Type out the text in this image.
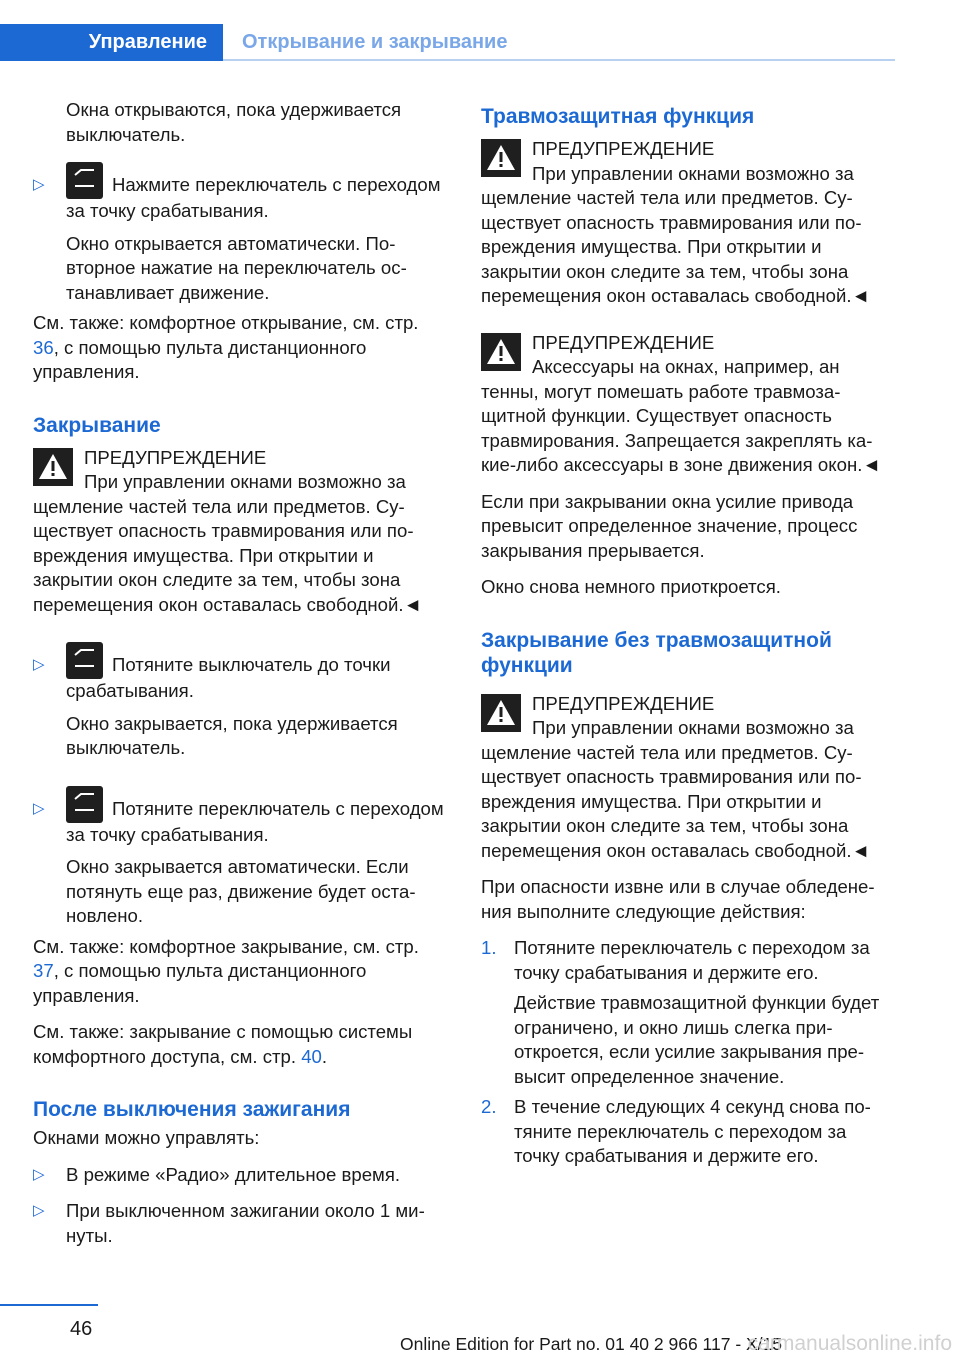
Управление	Открывание и закрывание

Окна открываются, пока удерживается выключатель.

▷	Нажмите переключатель с переходом за точку срабатывания.

Окно открывается автоматически. Повторное нажатие на переключатель останавливает движение.

См. также: комфортное открывание, см. стр. 36, с помощью пульта дистанционного управления.

Закрывание

ПРЕДУПРЕЖДЕНИЕ

При управлении окнами возможно за

щемление частей тела или предметов. Существует опасность травмирования или повреждения имущества. При открытии и закрытии окон следите за тем, чтобы зона перемещения окон оставалась свободной.◄

▷	Потяните выключатель до точки срабатывания.

Окно закрывается, пока удерживается выключатель.

▷	Потяните переключатель с переходом за точку срабатывания.

Окно закрывается автоматически. Если потянуть еще раз, движение будет остановлено.

См. также: комфортное закрывание, см. стр. 37, с помощью пульта дистанционного управления.

См. также: закрывание с помощью системы комфортного доступа, см. стр. 40.

После выключения зажигания

Окнами можно управлять:

▷ В режиме «Радио» длительное время.
▷ При выключенном зажигании около 1 минуты.
Травмозащитная функция

ПРЕДУПРЕЖДЕНИЕ

При управлении окнами возможно за

щемление частей тела или предметов. Существует опасность травмирования или повреждения имущества. При открытии и закрытии окон следите за тем, чтобы зона перемещения окон оставалась свободной.◄

ПРЕДУПРЕЖДЕНИЕ

Аксессуары на окнах, например, ан

тенны, могут помешать работе травмозащитной функции. Существует опасность травмирования. Запрещается закреплять какие-либо аксессуары в зоне движения окон.◄

Если при закрывании окна усилие привода превысит определенное значение, процесс закрывания прерывается.

Окно снова немного приоткроется.

Закрывание без травмозащитной функции

ПРЕДУПРЕЖДЕНИЕ

При управлении окнами возможно за

щемление частей тела или предметов. Существует опасность травмирования или повреждения имущества. При открытии и закрытии окон следите за тем, чтобы зона перемещения окон оставалась свободной.◄

При опасности извне или в случае обледенения выполните следующие действия:

1. Потяните переключатель с переходом за точку срабатывания и держите его.

Действие травмозащитной функции будет ограничено, и окно лишь слегка приоткроется, если усилие закрывания превысит определенное значение.

2. В течение следующих 4 секунд снова потяните переключатель с переходом за точку срабатывания и держите его.
46
Online Edition for Part no. 01 40 2 966 117 - X/15
carmanualsonline.info
